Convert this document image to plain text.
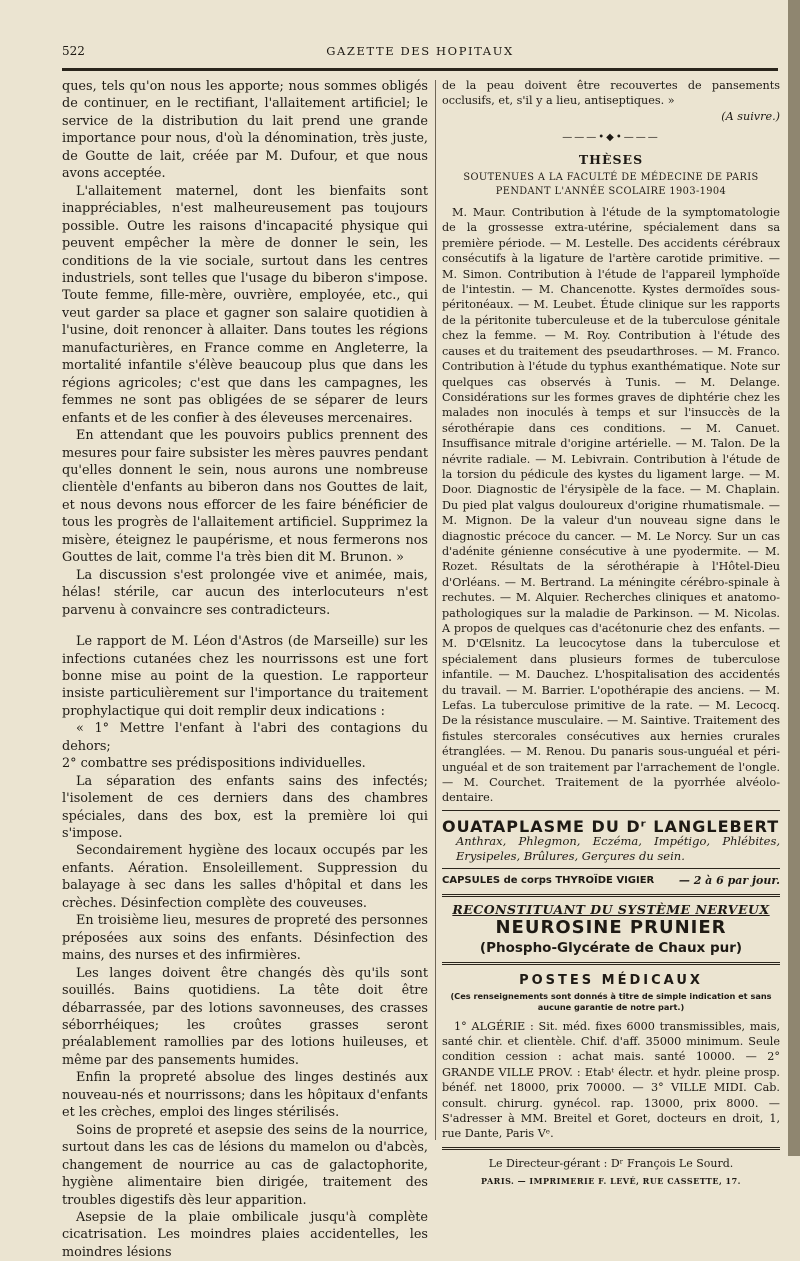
522	GAZETTE DES HOPITAUX

ques, tels qu'on nous les apporte; nous sommes obligés de continuer, en le rectifiant, l'allaitement artificiel; le service de la distribution du lait prend une grande importance pour nous, d'où la dénomination, très juste, de Goutte de lait, créée par M. Dufour, et que nous avons acceptée.

L'allaitement maternel, dont les bienfaits sont inappréciables, n'est malheureusement pas toujours possible. Outre les raisons d'incapacité physique qui peuvent empêcher la mère de donner le sein, les conditions de la vie sociale, surtout dans les centres industriels, sont telles que l'usage du biberon s'impose. Toute femme, fille-mère, ouvrière, employée, etc., qui veut garder sa place et gagner son salaire quotidien à l'usine, doit renoncer à allaiter. Dans toutes les régions manufacturières, en France comme en Angleterre, la mortalité infantile s'élève beaucoup plus que dans les régions agricoles; c'est que dans les campagnes, les femmes ne sont pas obligées de se séparer de leurs enfants et de les confier à des éleveuses mercenaires.

En attendant que les pouvoirs publics prennent des mesures pour faire subsister les mères pauvres pendant qu'elles donnent le sein, nous aurons une nombreuse clientèle d'enfants au biberon dans nos Gouttes de lait, et nous devons nous efforcer de les faire bénéficier de tous les progrès de l'allaitement artificiel. Supprimez la misère, éteignez le paupérisme, et nous fermerons nos Gouttes de lait, comme l'a très bien dit M. Brunon. »

La discussion s'est prolongée vive et animée, mais, hélas! stérile, car aucun des interlocuteurs n'est parvenu à convaincre ses contradicteurs.

Le rapport de M. Léon d'Astros (de Marseille) sur les infections cutanées chez les nourrissons est une fort bonne mise au point de la question. Le rapporteur insiste particulièrement sur l'importance du traitement prophylactique qui doit remplir deux indications :

« 1° Mettre l'enfant à l'abri des contagions du dehors;

2° combattre ses prédispositions individuelles.

La séparation des enfants sains des infectés; l'isolement de ces derniers dans des chambres spéciales, dans des box, est la première loi qui s'impose.

Secondairement hygiène des locaux occupés par les enfants. Aération. Ensoleillement. Suppression du balayage à sec dans les salles d'hôpital et dans les crèches. Désinfection complète des couveuses.

En troisième lieu, mesures de propreté des personnes préposées aux soins des enfants. Désinfection des mains, des nurses et des infirmières.

Les langes doivent être changés dès qu'ils sont souillés. Bains quotidiens. La tête doit être débarrassée, par des lotions savonneuses, des crasses séborrhéiques; les croûtes grasses seront préalablement ramollies par des lotions huileuses, et même par des pansements humides.

Enfin la propreté absolue des linges destinés aux nouveau-nés et nourrissons; dans les hôpitaux d'enfants et les crèches, emploi des linges stérilisés.

Soins de propreté et asepsie des seins de la nourrice, surtout dans les cas de lésions du mamelon ou d'abcès, changement de nourrice au cas de galactophorite, hygiène alimentaire bien dirigée, traitement des troubles digestifs dès leur apparition.

Asepsie de la plaie ombilicale jusqu'à complète cicatrisation. Les moindres plaies accidentelles, les moindres lésions

de la peau doivent être recouvertes de pansements occlusifs, et, s'il y a lieu, antiseptiques. »

(A suivre.)

———•◆•———
THÈSES
SOUTENUES A LA FACULTÉ DE MÉDECINE DE PARIS
PENDANT L'ANNÉE SCOLAIRE 1903-1904

M. Maur. Contribution à l'étude de la symptomatologie de la grossesse extra-utérine, spécialement dans sa première période. — M. Lestelle. Des accidents cérébraux consécutifs à la ligature de l'artère carotide primitive. — M. Simon. Contribution à l'étude de l'appareil lymphoïde de l'intestin. — M. Chancenotte. Kystes dermoïdes sous-péritonéaux. — M. Leubet. Étude clinique sur les rapports de la péritonite tuberculeuse et de la tuberculose génitale chez la femme. — M. Roy. Contribution à l'étude des causes et du traitement des pseudarthroses. — M. Franco. Contribution à l'étude du typhus exanthématique. Note sur quelques cas observés à Tunis. — M. Delange. Considérations sur les formes graves de diphtérie chez les malades non inoculés à temps et sur l'insuccès de la sérothérapie dans ces conditions. — M. Canuet. Insuffisance mitrale d'origine artérielle. — M. Talon. De la névrite radiale. — M. Lebivrain. Contribution à l'étude de la torsion du pédicule des kystes du ligament large. — M. Door. Diagnostic de l'érysipèle de la face. — M. Chaplain. Du pied plat valgus douloureux d'origine rhumatismale. — M. Mignon. De la valeur d'un nouveau signe dans le diagnostic précoce du cancer. — M. Le Norcy. Sur un cas d'adénite génienne consécutive à une pyodermite. — M. Rozet. Résultats de la sérothérapie à l'Hôtel-Dieu d'Orléans. — M. Bertrand. La méningite cérébro-spinale à rechutes. — M. Alquier. Recherches cliniques et anatomo-pathologiques sur la maladie de Parkinson. — M. Nicolas. A propos de quelques cas d'acétonurie chez des enfants. — M. D'Œlsnitz. La leucocytose dans la tuberculose et spécialement dans plusieurs formes de tuberculose infantile. — M. Dauchez. L'hospitalisation des accidentés du travail. — M. Barrier. L'opothérapie des anciens. — M. Lefas. La tuberculose primitive de la rate. — M. Lecocq. De la résistance musculaire. — M. Saintive. Traitement des fistules stercorales consécutives aux hernies crurales étranglées. — M. Renou. Du panaris sous-unguéal et péri-unguéal et de son traitement par l'arrachement de l'ongle. — M. Courchet. Traitement de la pyorrhée alvéolo-dentaire.

OUATAPLASME DU Dʳ LANGLEBERT
Anthrax, Phlegmon, Eczéma, Impétigo, Phlébites, Erysipeles, Brûlures, Gerçures du sein.
— 2 à 6 par jour.
CAPSULES de corps THYROÏDE VIGIER
RECONSTITUANT DU SYSTÈME NERVEUX
NEUROSINE PRUNIER
(Phospho-Glycérate de Chaux pur)
POSTES MÉDICAUX
(Ces renseignements sont donnés à titre de simple indication et sans aucune garantie de notre part.)

1° ALGÉRIE : Sit. méd. fixes 6000 transmissibles, mais, santé chir. et clientèle. Chif. d'aff. 35000 minimum. Seule condition cession : achat mais. santé 10000. — 2° GRANDE VILLE PROV. : Etabᵗ électr. et hydr. pleine prosp. bénéf. net 18000, prix 70000. — 3° VILLE MIDI. Cab. consult. chirurg. gynécol. rap. 13000, prix 8000. — S'adresser à MM. Breitel et Goret, docteurs en droit, 1, rue Dante, Paris Vᵉ.

Le Directeur-gérant : Dʳ François Le Sourd.
PARIS. — IMPRIMERIE F. LEVÉ, RUE CASSETTE, 17.
